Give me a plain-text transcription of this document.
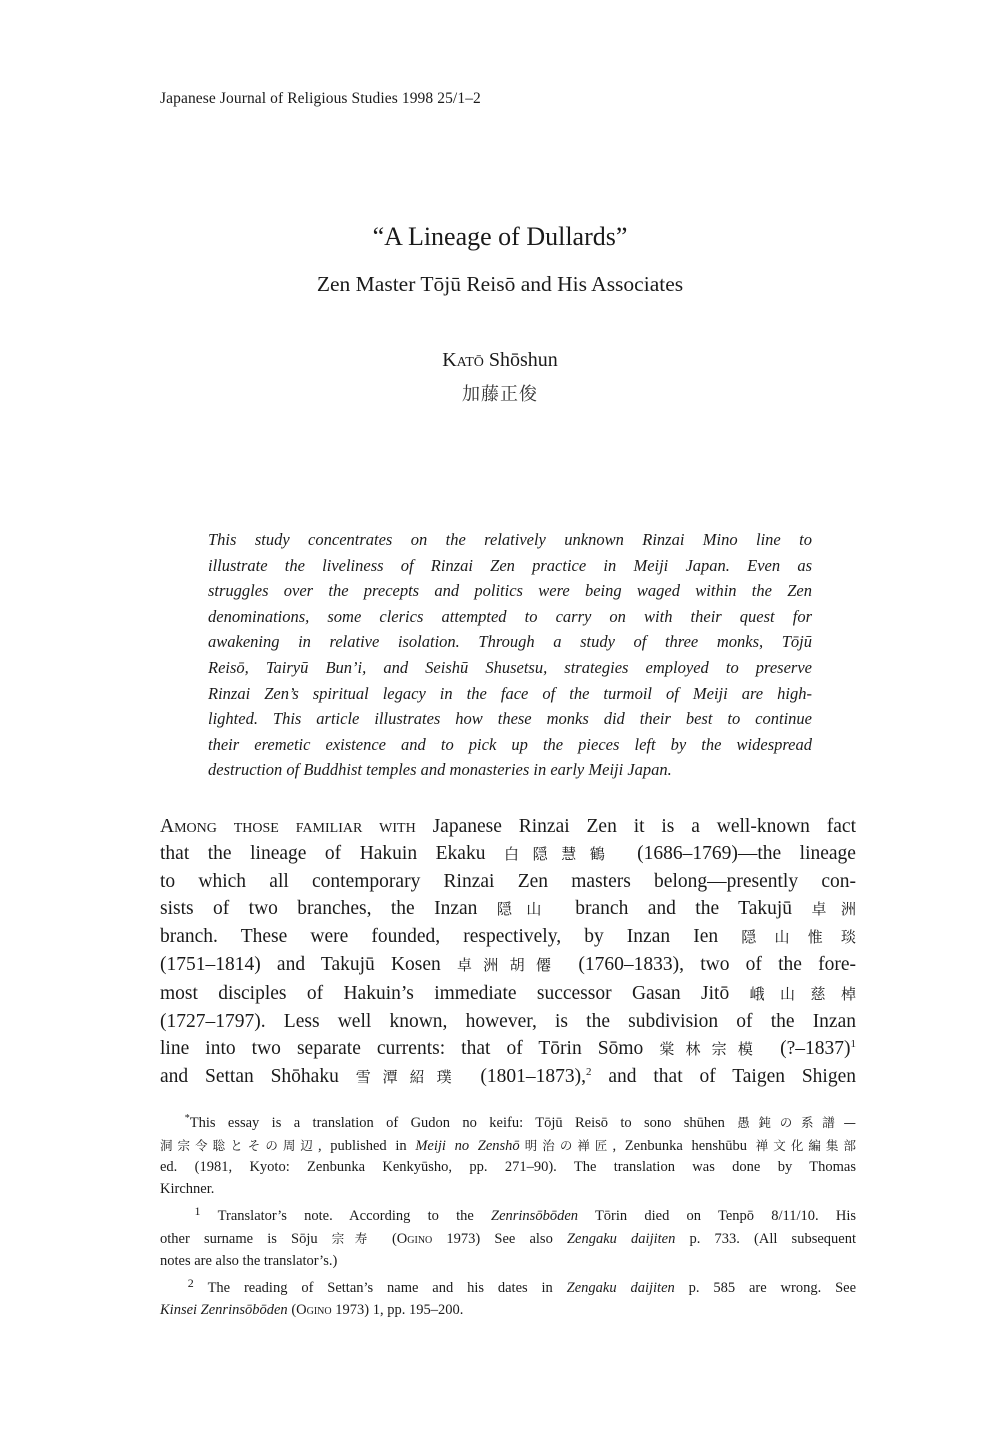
Japanese Journal of Religious Studies 1998 25/1–2
“A Lineage of Dullards”
Zen Master Tōjū Reisō and His Associates
Katō Shōshun
加藤正俊
This study concentrates on the relatively unknown Rinzai Mino line to
illustrate the liveliness of Rinzai Zen practice in Meiji Japan. Even as
struggles over the precepts and politics were being waged within the Zen
denominations, some clerics attempted to carry on with their quest for
awakening in relative isolation. Through a study of three monks, Tōjū
Reisō, Tairyū Bun’i, and Seishū Shusetsu, strategies employed to preserve
Rinzai Zen’s spiritual legacy in the face of the turmoil of Meiji are high-
lighted. This article illustrates how these monks did their best to continue
their eremetic existence and to pick up the pieces left by the widespread
destruction of Buddhist temples and monasteries in early Meiji Japan.
Among those familiar with Japanese Rinzai Zen it is a well-known fact
that the lineage of Hakuin Ekaku 白隠慧鶴 (1686–1769)—the lineage
to which all contemporary Rinzai Zen masters belong—presently con-
sists of two branches, the Inzan 隠山 branch and the Takujū 卓洲
branch. These were founded, respectively, by Inzan Ien 隠山惟琰
(1751–1814) and Takujū Kosen 卓洲胡僊 (1760–1833), two of the fore-
most disciples of Hakuin’s immediate successor Gasan Jitō 峨山慈棹
(1727–1797). Less well known, however, is the subdivision of the Inzan
line into two separate currents: that of Tōrin Sōmo 棠林宗模 (?–1837)$^1$
and Settan Shōhaku 雪潭紹璞 (1801–1873),$^2$ and that of Taigen Shigen
*This essay is a translation of Gudon no keifu: Tōjū Reisō to sono shūhen 愚鈍の系譜—
洞宗令聡とその周辺, published in Meiji no Zenshō明治の禅匠, Zenbunka henshūbu 禅文化編集部
ed. (1981, Kyoto: Zenbunka Kenkyūsho, pp. 271–90). The translation was done by Thomas
Kirchner.
$^1$ Translator’s note. According to the Zenrinsōbōden Tōrin died on Tenpō 8/11/10. His
other surname is Sōju 宗寿 (Ogino 1973) See also Zengaku daijiten p. 733. (All subsequent
notes are also the translator’s.)
$^2$ The reading of Settan’s name and his dates in Zengaku daijiten p. 585 are wrong. See
Kinsei Zenrinsōbōden (Ogino 1973) 1, pp. 195–200.
